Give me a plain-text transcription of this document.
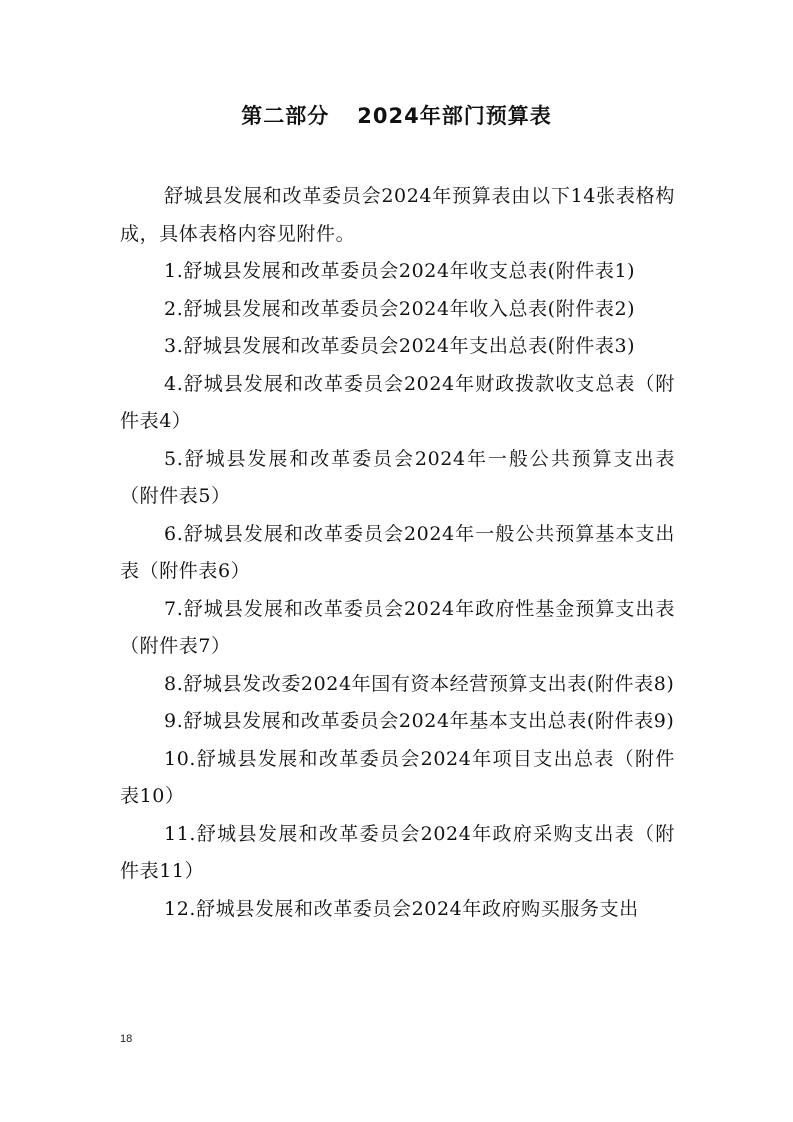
第二部分 2024年部门预算表

舒城县发展和改革委员会2024年预算表由以下14张表格构成，具体表格内容见附件。

1.舒城县发展和改革委员会2024年收支总表(附件表1)

2.舒城县发展和改革委员会2024年收入总表(附件表2)

3.舒城县发展和改革委员会2024年支出总表(附件表3)

4.舒城县发展和改革委员会2024年财政拨款收支总表（附件表4）

5.舒城县发展和改革委员会2024年一般公共预算支出表（附件表5）

6.舒城县发展和改革委员会2024年一般公共预算基本支出表（附件表6）

7.舒城县发展和改革委员会2024年政府性基金预算支出表（附件表7）

8.舒城县发改委2024年国有资本经营预算支出表(附件表8)

9.舒城县发展和改革委员会2024年基本支出总表(附件表9)

10.舒城县发展和改革委员会2024年项目支出总表（附件表10）

11.舒城县发展和改革委员会2024年政府采购支出表（附件表11）

12.舒城县发展和改革委员会2024年政府购买服务支出

18
